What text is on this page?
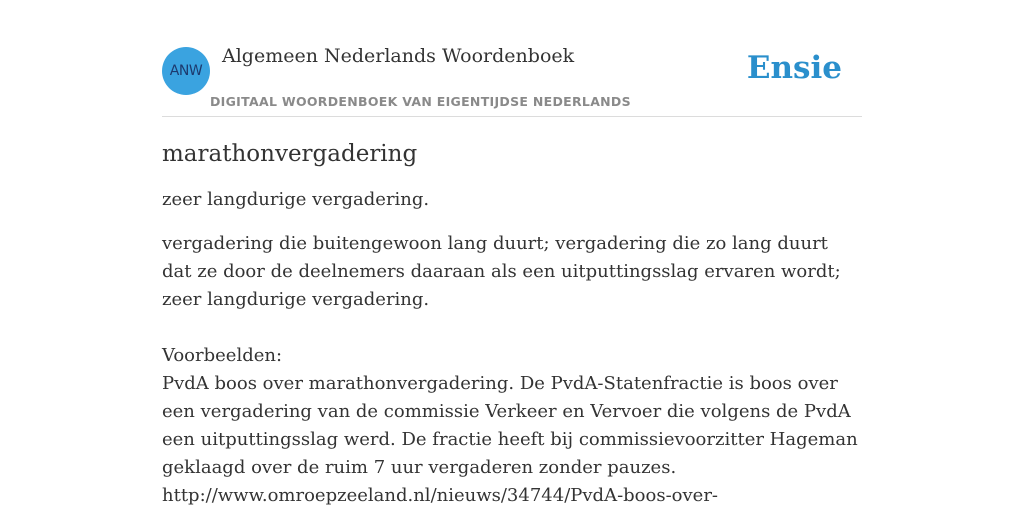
ANW
Algemeen Nederlands Woordenboek
DIGITAAL WOORDENBOEK VAN EIGENTIJDSE NEDERLANDS
Ensie
marathonvergadering

zeer langdurige vergadering.

vergadering die buitengewoon lang duurt; vergadering die zo lang duurt dat ze door de deelnemers daaraan als een uitputtingsslag ervaren wordt; zeer langdurige vergadering.

Voorbeelden:

PvdA boos over marathonvergadering. De PvdA-Statenfractie is boos over een vergadering van de commissie Verkeer en Vervoer die volgens de PvdA een uitputtingsslag werd. De fractie heeft bij commissievoorzitter Hageman geklaagd over de ruim 7 uur vergaderen zonder pauzes.

http://www.omroepzeeland.nl/nieuws/34744/PvdA-boos-over-
